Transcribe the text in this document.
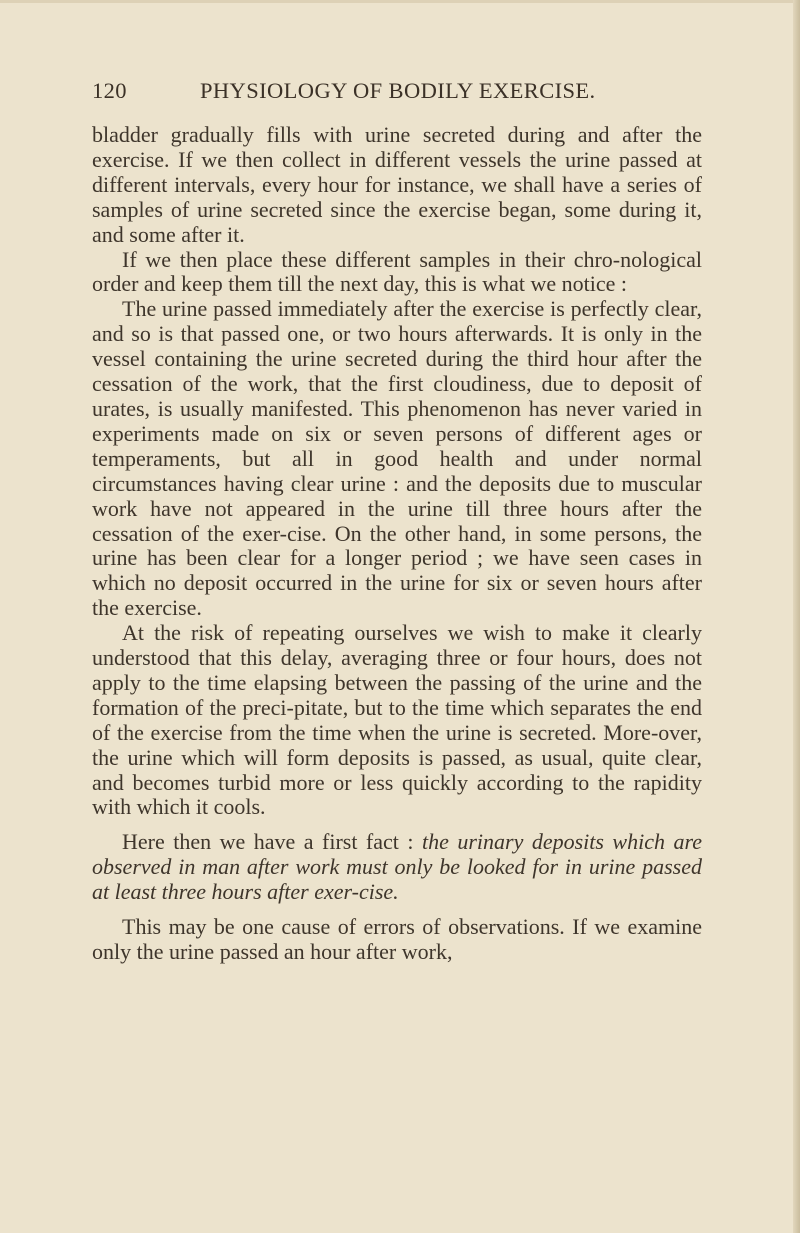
120	PHYSIOLOGY OF BODILY EXERCISE.

bladder gradually fills with urine secreted during and after the exercise. If we then collect in different vessels the urine passed at different intervals, every hour for instance, we shall have a series of samples of urine secreted since the exercise began, some during it, and some after it.

If we then place these different samples in their chro-nological order and keep them till the next day, this is what we notice :

The urine passed immediately after the exercise is perfectly clear, and so is that passed one, or two hours afterwards. It is only in the vessel containing the urine secreted during the third hour after the cessation of the work, that the first cloudiness, due to deposit of urates, is usually manifested. This phenomenon has never varied in experiments made on six or seven persons of different ages or temperaments, but all in good health and under normal circumstances having clear urine : and the deposits due to muscular work have not appeared in the urine till three hours after the cessation of the exer-cise. On the other hand, in some persons, the urine has been clear for a longer period ; we have seen cases in which no deposit occurred in the urine for six or seven hours after the exercise.

At the risk of repeating ourselves we wish to make it clearly understood that this delay, averaging three or four hours, does not apply to the time elapsing between the passing of the urine and the formation of the preci-pitate, but to the time which separates the end of the exercise from the time when the urine is secreted. More-over, the urine which will form deposits is passed, as usual, quite clear, and becomes turbid more or less quickly according to the rapidity with which it cools.

Here then we have a first fact : the urinary deposits which are observed in man after work must only be looked for in urine passed at least three hours after exer-cise.

This may be one cause of errors of observations. If we examine only the urine passed an hour after work,
